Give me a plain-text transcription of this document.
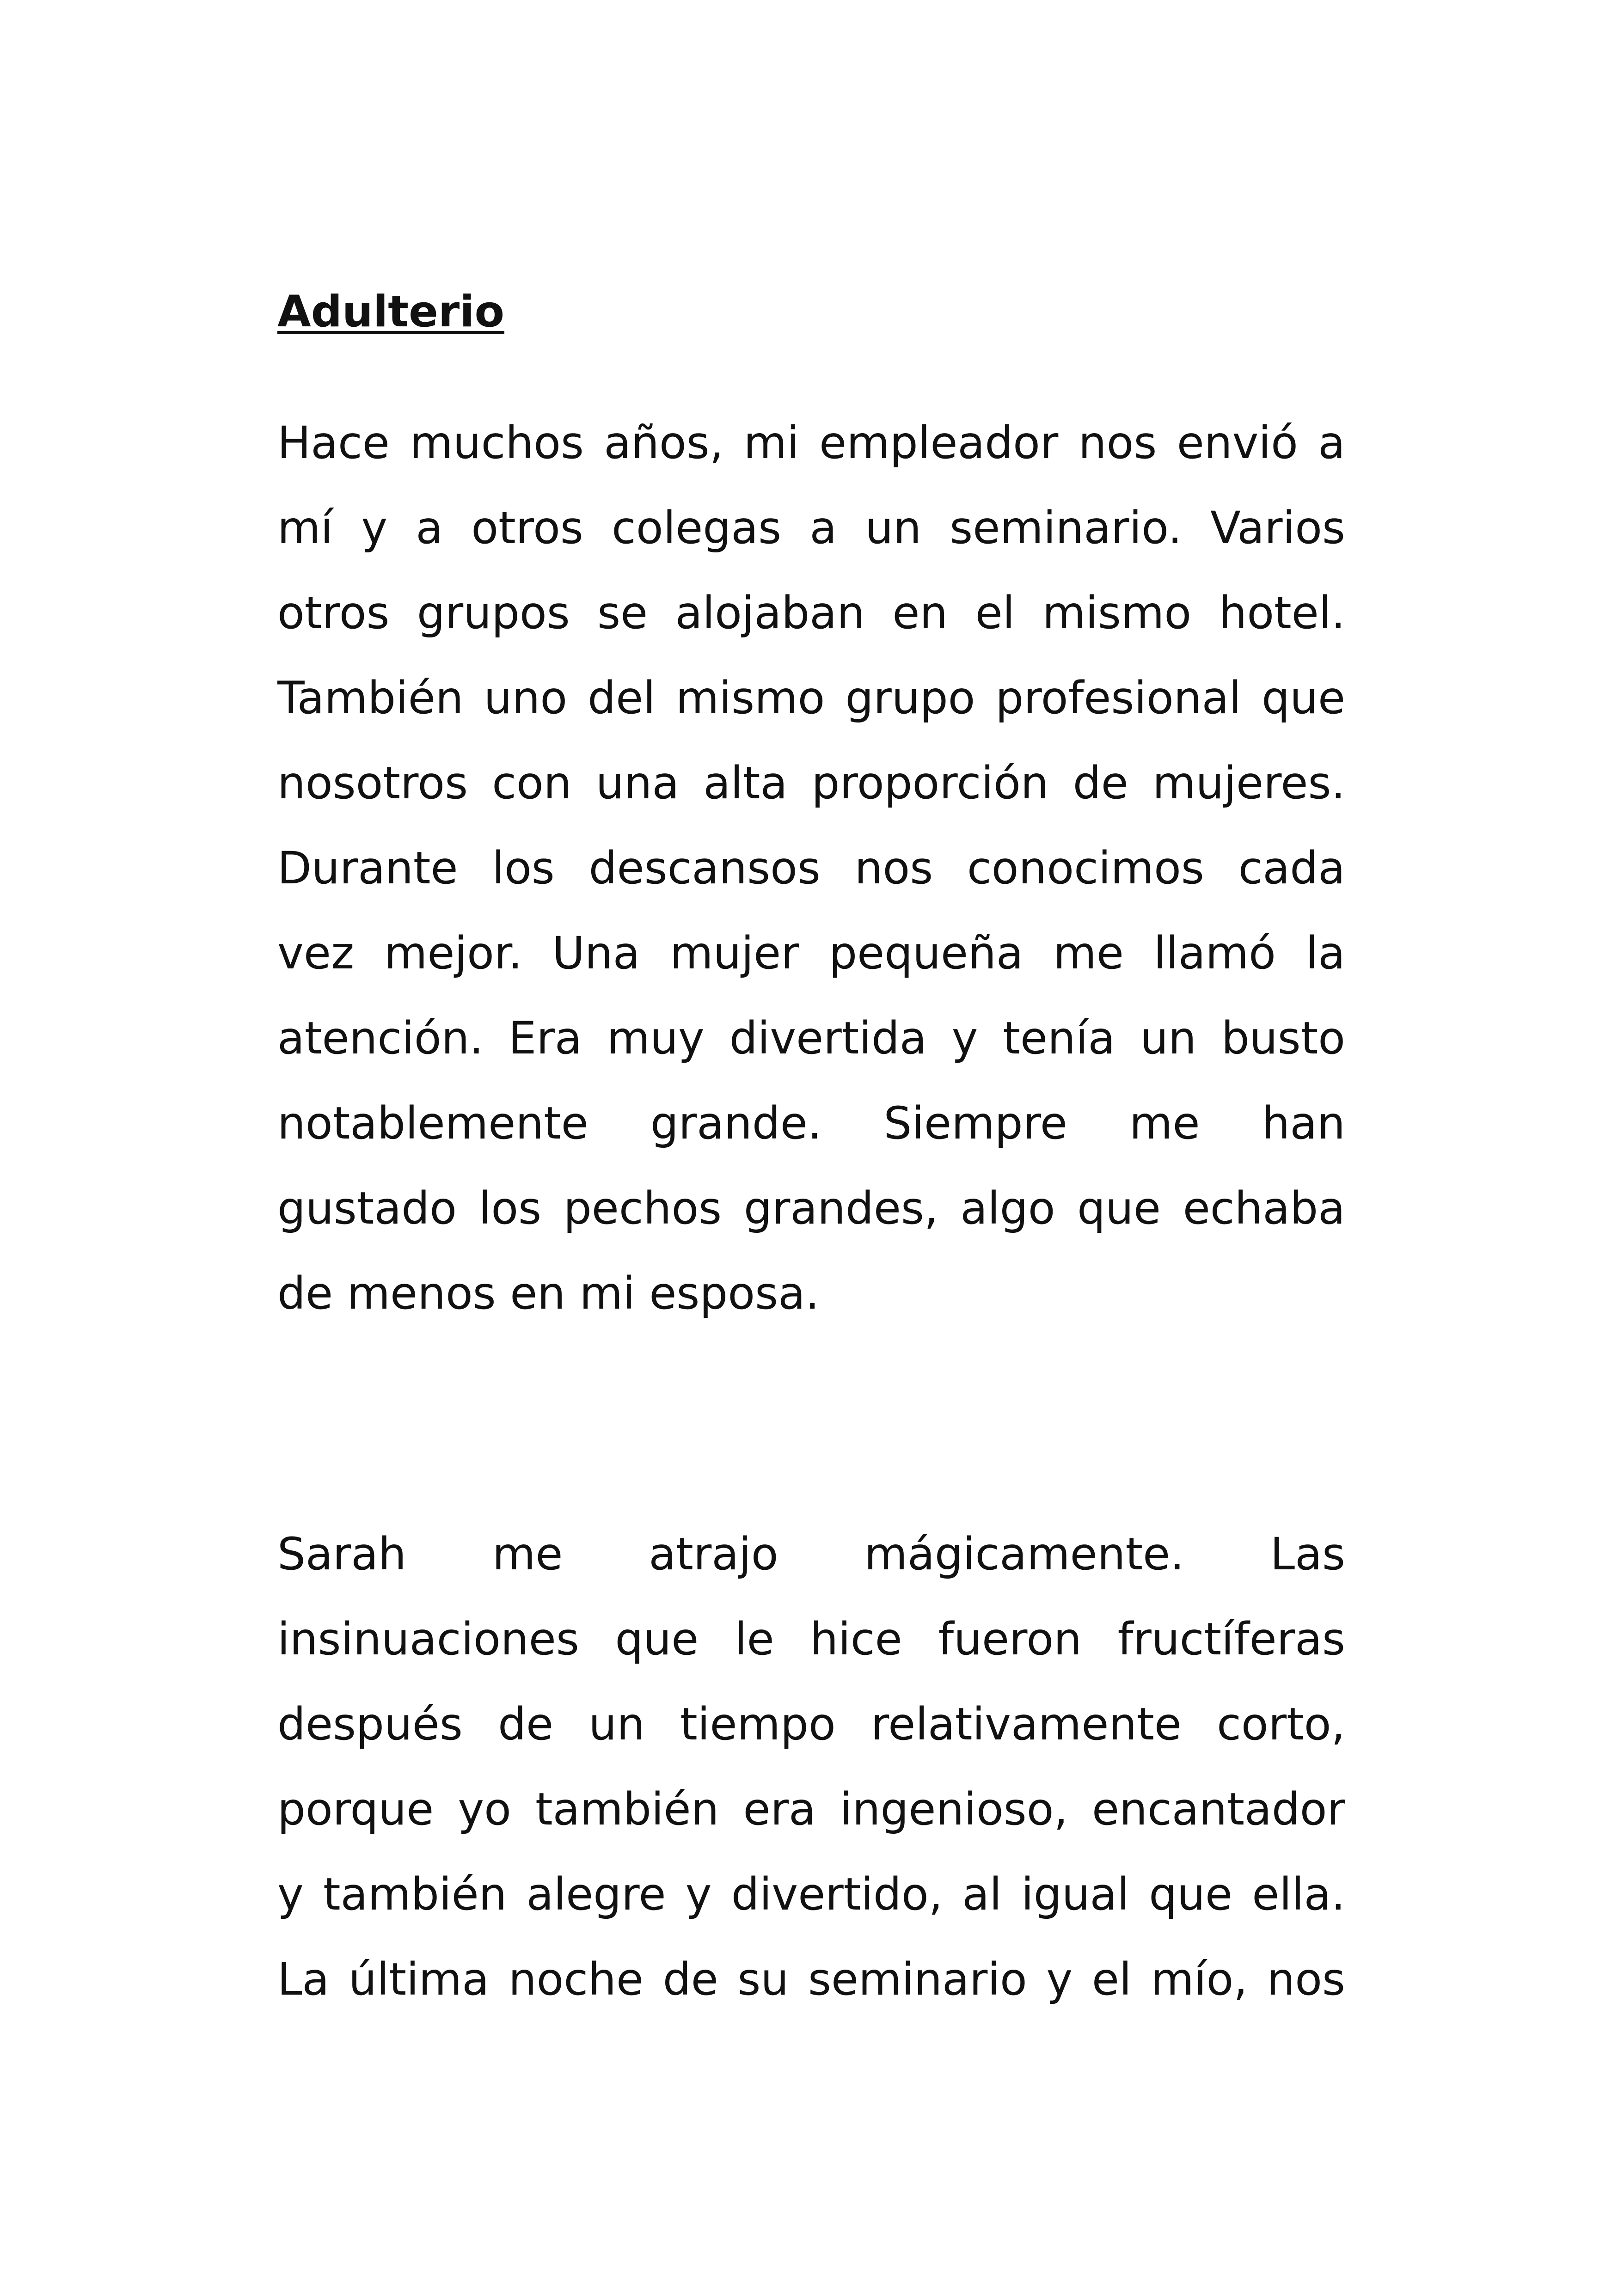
Adulterio
Hace muchos años, mi empleador nos envió a
mí y a otros colegas a un seminario. Varios
otros grupos se alojaban en el mismo hotel.
También uno del mismo grupo profesional que
nosotros con una alta proporción de mujeres.
Durante los descansos nos conocimos cada
vez mejor. Una mujer pequeña me llamó la
atención. Era muy divertida y tenía un busto
notablemente grande. Siempre me han
gustado los pechos grandes, algo que echaba
de menos en mi esposa.
Sarah me atrajo mágicamente. Las
insinuaciones que le hice fueron fructíferas
después de un tiempo relativamente corto,
porque yo también era ingenioso, encantador
y también alegre y divertido, al igual que ella.
La última noche de su seminario y el mío, nos
